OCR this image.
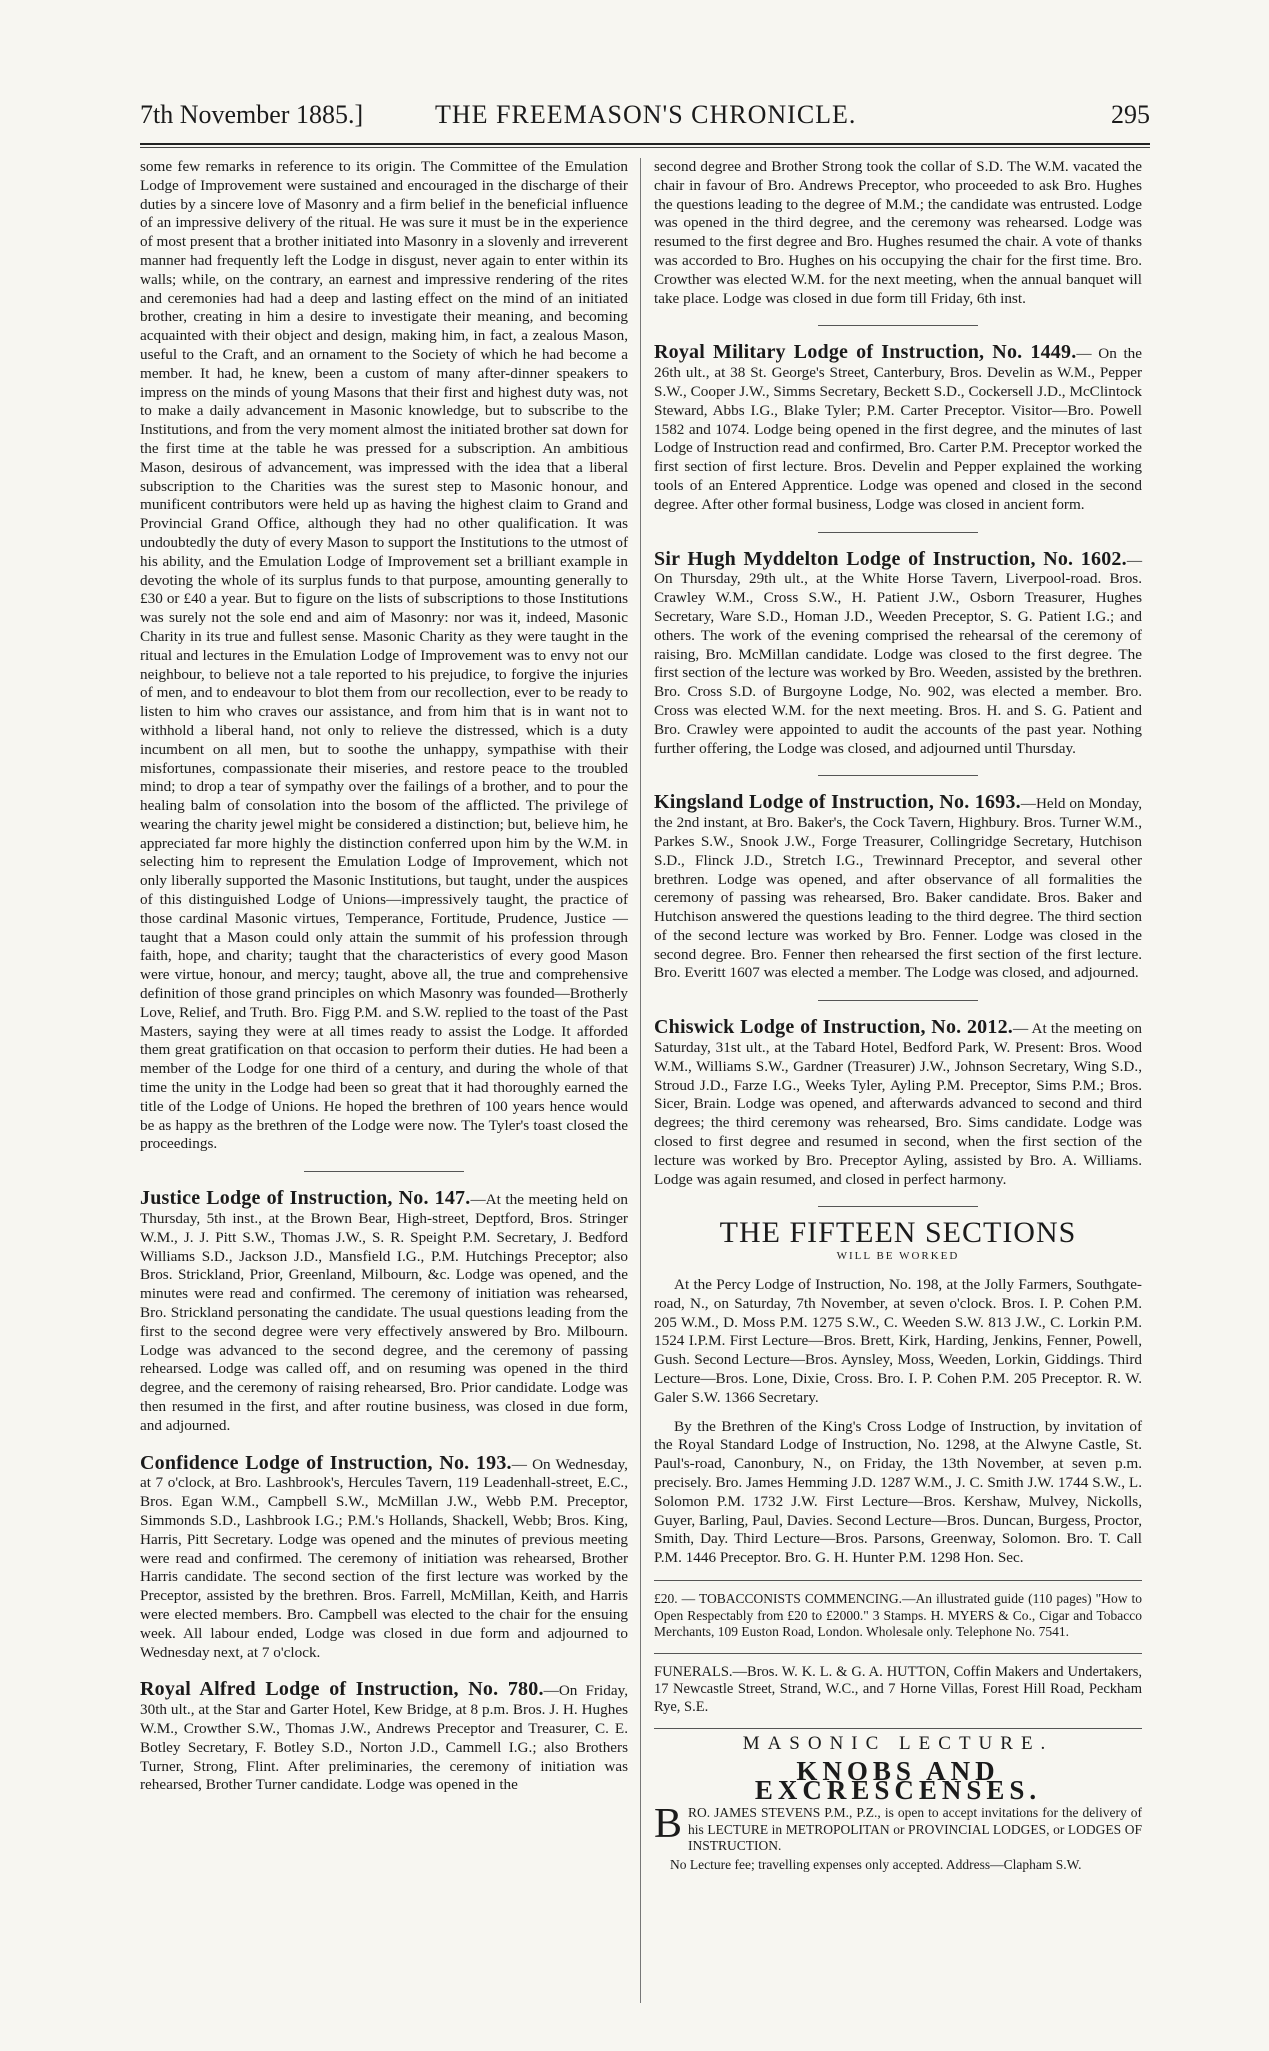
7th November 1885.]	THE FREEMASON'S CHRONICLE.	295

some few remarks in reference to its origin. The Committee of the Emulation Lodge of Improvement were sustained and encouraged in the discharge of their duties by a sincere love of Masonry and a firm belief in the beneficial influence of an impressive delivery of the ritual. He was sure it must be in the experience of most present that a brother initiated into Masonry in a slovenly and irreverent manner had frequently left the Lodge in disgust, never again to enter within its walls; while, on the contrary, an earnest and impressive rendering of the rites and ceremonies had had a deep and lasting effect on the mind of an initiated brother, creating in him a desire to investigate their meaning, and becoming acquainted with their object and design, making him, in fact, a zealous Mason, useful to the Craft, and an ornament to the Society of which he had become a member. It had, he knew, been a custom of many after-dinner speakers to impress on the minds of young Masons that their first and highest duty was, not to make a daily advancement in Masonic knowledge, but to subscribe to the Institutions, and from the very moment almost the initiated brother sat down for the first time at the table he was pressed for a subscription. An ambitious Mason, desirous of advancement, was impressed with the idea that a liberal subscription to the Charities was the surest step to Masonic honour, and munificent contributors were held up as having the highest claim to Grand and Provincial Grand Office, although they had no other qualification. It was undoubtedly the duty of every Mason to support the Institutions to the utmost of his ability, and the Emulation Lodge of Improvement set a brilliant example in devoting the whole of its surplus funds to that purpose, amounting generally to £30 or £40 a year. But to figure on the lists of subscriptions to those Institutions was surely not the sole end and aim of Masonry: nor was it, indeed, Masonic Charity in its true and fullest sense. Masonic Charity as they were taught in the ritual and lectures in the Emulation Lodge of Improvement was to envy not our neighbour, to believe not a tale reported to his prejudice, to forgive the injuries of men, and to endeavour to blot them from our recollection, ever to be ready to listen to him who craves our assistance, and from him that is in want not to withhold a liberal hand, not only to relieve the distressed, which is a duty incumbent on all men, but to soothe the unhappy, sympathise with their misfortunes, compassionate their miseries, and restore peace to the troubled mind; to drop a tear of sympathy over the failings of a brother, and to pour the healing balm of consolation into the bosom of the afflicted. The privilege of wearing the charity jewel might be considered a distinction; but, believe him, he appreciated far more highly the distinction conferred upon him by the W.M. in selecting him to represent the Emulation Lodge of Improvement, which not only liberally supported the Masonic Institutions, but taught, under the auspices of this distinguished Lodge of Unions—impressively taught, the practice of those cardinal Masonic virtues, Temperance, Fortitude, Prudence, Justice — taught that a Mason could only attain the summit of his profession through faith, hope, and charity; taught that the characteristics of every good Mason were virtue, honour, and mercy; taught, above all, the true and comprehensive definition of those grand principles on which Masonry was founded—Brotherly Love, Relief, and Truth. Bro. Figg P.M. and S.W. replied to the toast of the Past Masters, saying they were at all times ready to assist the Lodge. It afforded them great gratification on that occasion to perform their duties. He had been a member of the Lodge for one third of a century, and during the whole of that time the unity in the Lodge had been so great that it had thoroughly earned the title of the Lodge of Unions. He hoped the brethren of 100 years hence would be as happy as the brethren of the Lodge were now. The Tyler's toast closed the proceedings.

Justice Lodge of Instruction, No. 147.—At the meeting held on Thursday, 5th inst., at the Brown Bear, High-street, Deptford, Bros. Stringer W.M., J. J. Pitt S.W., Thomas J.W., S. R. Speight P.M. Secretary, J. Bedford Williams S.D., Jackson J.D., Mansfield I.G., P.M. Hutchings Preceptor; also Bros. Strickland, Prior, Greenland, Milbourn, &c. Lodge was opened, and the minutes were read and confirmed. The ceremony of initiation was rehearsed, Bro. Strickland personating the candidate. The usual questions leading from the first to the second degree were very effectively answered by Bro. Milbourn. Lodge was advanced to the second degree, and the ceremony of passing rehearsed. Lodge was called off, and on resuming was opened in the third degree, and the ceremony of raising rehearsed, Bro. Prior candidate. Lodge was then resumed in the first, and after routine business, was closed in due form, and adjourned.

Confidence Lodge of Instruction, No. 193.— On Wednesday, at 7 o'clock, at Bro. Lashbrook's, Hercules Tavern, 119 Leadenhall-street, E.C., Bros. Egan W.M., Campbell S.W., McMillan J.W., Webb P.M. Preceptor, Simmonds S.D., Lashbrook I.G.; P.M.'s Hollands, Shackell, Webb; Bros. King, Harris, Pitt Secretary. Lodge was opened and the minutes of previous meeting were read and confirmed. The ceremony of initiation was rehearsed, Brother Harris candidate. The second section of the first lecture was worked by the Preceptor, assisted by the brethren. Bros. Farrell, McMillan, Keith, and Harris were elected members. Bro. Campbell was elected to the chair for the ensuing week. All labour ended, Lodge was closed in due form and adjourned to Wednesday next, at 7 o'clock.

Royal Alfred Lodge of Instruction, No. 780.—On Friday, 30th ult., at the Star and Garter Hotel, Kew Bridge, at 8 p.m. Bros. J. H. Hughes W.M., Crowther S.W., Thomas J.W., Andrews Preceptor and Treasurer, C. E. Botley Secretary, F. Botley S.D., Norton J.D., Cammell I.G.; also Brothers Turner, Strong, Flint. After preliminaries, the ceremony of initiation was rehearsed, Brother Turner candidate. Lodge was opened in the

second degree and Brother Strong took the collar of S.D. The W.M. vacated the chair in favour of Bro. Andrews Preceptor, who proceeded to ask Bro. Hughes the questions leading to the degree of M.M.; the candidate was entrusted. Lodge was opened in the third degree, and the ceremony was rehearsed. Lodge was resumed to the first degree and Bro. Hughes resumed the chair. A vote of thanks was accorded to Bro. Hughes on his occupying the chair for the first time. Bro. Crowther was elected W.M. for the next meeting, when the annual banquet will take place. Lodge was closed in due form till Friday, 6th inst.

Royal Military Lodge of Instruction, No. 1449.— On the 26th ult., at 38 St. George's Street, Canterbury, Bros. Develin as W.M., Pepper S.W., Cooper J.W., Simms Secretary, Beckett S.D., Cockersell J.D., McClintock Steward, Abbs I.G., Blake Tyler; P.M. Carter Preceptor. Visitor—Bro. Powell 1582 and 1074. Lodge being opened in the first degree, and the minutes of last Lodge of Instruction read and confirmed, Bro. Carter P.M. Preceptor worked the first section of first lecture. Bros. Develin and Pepper explained the working tools of an Entered Apprentice. Lodge was opened and closed in the second degree. After other formal business, Lodge was closed in ancient form.

Sir Hugh Myddelton Lodge of Instruction, No. 1602.—On Thursday, 29th ult., at the White Horse Tavern, Liverpool-road. Bros. Crawley W.M., Cross S.W., H. Patient J.W., Osborn Treasurer, Hughes Secretary, Ware S.D., Homan J.D., Weeden Preceptor, S. G. Patient I.G.; and others. The work of the evening comprised the rehearsal of the ceremony of raising, Bro. McMillan candidate. Lodge was closed to the first degree. The first section of the lecture was worked by Bro. Weeden, assisted by the brethren. Bro. Cross S.D. of Burgoyne Lodge, No. 902, was elected a member. Bro. Cross was elected W.M. for the next meeting. Bros. H. and S. G. Patient and Bro. Crawley were appointed to audit the accounts of the past year. Nothing further offering, the Lodge was closed, and adjourned until Thursday.

Kingsland Lodge of Instruction, No. 1693.—Held on Monday, the 2nd instant, at Bro. Baker's, the Cock Tavern, Highbury. Bros. Turner W.M., Parkes S.W., Snook J.W., Forge Treasurer, Collingridge Secretary, Hutchison S.D., Flinck J.D., Stretch I.G., Trewinnard Preceptor, and several other brethren. Lodge was opened, and after observance of all formalities the ceremony of passing was rehearsed, Bro. Baker candidate. Bros. Baker and Hutchison answered the questions leading to the third degree. The third section of the second lecture was worked by Bro. Fenner. Lodge was closed in the second degree. Bro. Fenner then rehearsed the first section of the first lecture. Bro. Everitt 1607 was elected a member. The Lodge was closed, and adjourned.

Chiswick Lodge of Instruction, No. 2012.— At the meeting on Saturday, 31st ult., at the Tabard Hotel, Bedford Park, W. Present: Bros. Wood W.M., Williams S.W., Gardner (Treasurer) J.W., Johnson Secretary, Wing S.D., Stroud J.D., Farze I.G., Weeks Tyler, Ayling P.M. Preceptor, Sims P.M.; Bros. Sicer, Brain. Lodge was opened, and afterwards advanced to second and third degrees; the third ceremony was rehearsed, Bro. Sims candidate. Lodge was closed to first degree and resumed in second, when the first section of the lecture was worked by Bro. Preceptor Ayling, assisted by Bro. A. Williams. Lodge was again resumed, and closed in perfect harmony.

THE FIFTEEN SECTIONS
WILL BE WORKED

At the Percy Lodge of Instruction, No. 198, at the Jolly Farmers, Southgate-road, N., on Saturday, 7th November, at seven o'clock. Bros. I. P. Cohen P.M. 205 W.M., D. Moss P.M. 1275 S.W., C. Weeden S.W. 813 J.W., C. Lorkin P.M. 1524 I.P.M. First Lecture—Bros. Brett, Kirk, Harding, Jenkins, Fenner, Powell, Gush. Second Lecture—Bros. Aynsley, Moss, Weeden, Lorkin, Giddings. Third Lecture—Bros. Lone, Dixie, Cross. Bro. I. P. Cohen P.M. 205 Preceptor. R. W. Galer S.W. 1366 Secretary.

By the Brethren of the King's Cross Lodge of Instruction, by invitation of the Royal Standard Lodge of Instruction, No. 1298, at the Alwyne Castle, St. Paul's-road, Canonbury, N., on Friday, the 13th November, at seven p.m. precisely. Bro. James Hemming J.D. 1287 W.M., J. C. Smith J.W. 1744 S.W., L. Solomon P.M. 1732 J.W. First Lecture—Bros. Kershaw, Mulvey, Nickolls, Guyer, Barling, Paul, Davies. Second Lecture—Bros. Duncan, Burgess, Proctor, Smith, Day. Third Lecture—Bros. Parsons, Greenway, Solomon. Bro. T. Call P.M. 1446 Preceptor. Bro. G. H. Hunter P.M. 1298 Hon. Sec.

£20. — TOBACCONISTS COMMENCING.—An illustrated guide (110 pages) "How to Open Respectably from £20 to £2000." 3 Stamps. H. MYERS & Co., Cigar and Tobacco Merchants, 109 Euston Road, London. Wholesale only. Telephone No. 7541.

FUNERALS.—Bros. W. K. L. & G. A. HUTTON, Coffin Makers and Undertakers, 17 Newcastle Street, Strand, W.C., and 7 Horne Villas, Forest Hill Road, Peckham Rye, S.E.

MASONIC LECTURE.
KNOBS AND EXCRESCENSES.

BRO. JAMES STEVENS P.M., P.Z., is open to accept invitations for the delivery of his LECTURE in METROPOLITAN or PROVINCIAL LODGES, or LODGES OF INSTRUCTION.

No Lecture fee; travelling expenses only accepted. Address—Clapham S.W.
